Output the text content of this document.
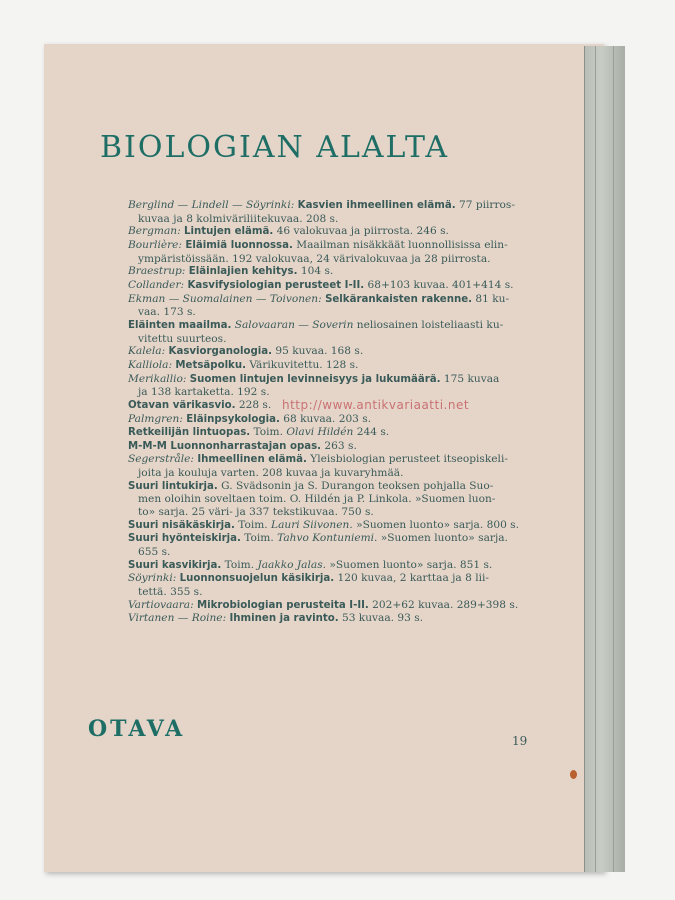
BIOLOGIAN ALALTA

Berglind — Lindell — Söyrinki: Kasvien ihmeellinen elämä. 77 piirros-
kuvaa ja 8 kolmiväriliitekuvaa. 208 s.

Bergman: Lintujen elämä. 46 valokuvaa ja piirrosta. 246 s.

Bourlière: Eläimiä luonnossa. Maailman nisäkkäät luonnollisissa elin-
ympäristöissään. 192 valokuvaa, 24 värivalokuvaa ja 28 piirrosta.

Braestrup: Eläinlajien kehitys. 104 s.

Collander: Kasvifysiologian perusteet I-II. 68+103 kuvaa. 401+414 s.

Ekman — Suomalainen — Toivonen: Selkärankaisten rakenne. 81 ku-
vaa. 173 s.

Eläinten maailma. Salovaaran — Soverin neliosainen loisteliaasti ku-
vitettu suurteos.

Kalela: Kasviorganologia. 95 kuvaa. 168 s.

Kalliola: Metsäpolku. Värikuvitettu. 128 s.

Merikallio: Suomen lintujen levinneisyys ja lukumäärä. 175 kuvaa
ja 138 kartaketta. 192 s.

Otavan värikasvio. 228 s.

Palmgren: Eläinpsykologia. 68 kuvaa. 203 s.

Retkeilijän lintuopas. Toim. Olavi Hildén 244 s.

M-M-M Luonnonharrastajan opas. 263 s.

Segerstråle: Ihmeellinen elämä. Yleisbiologian perusteet itseopiskeli-
joita ja kouluja varten. 208 kuvaa ja kuvaryhmää.

Suuri lintukirja. G. Svädsonin ja S. Durangon teoksen pohjalla Suo-
men oloihin soveltaen toim. O. Hildén ja P. Linkola. »Suomen luon-
to» sarja. 25 väri- ja 337 tekstikuvaa. 750 s.

Suuri nisäkäskirja. Toim. Lauri Siivonen. »Suomen luonto» sarja. 800 s.

Suuri hyönteiskirja. Toim. Tahvo Kontuniemi. »Suomen luonto» sarja.
655 s.

Suuri kasvikirja. Toim. Jaakko Jalas. »Suomen luonto» sarja. 851 s.

Söyrinki: Luonnonsuojelun käsikirja. 120 kuvaa, 2 karttaa ja 8 lii-
tettä. 355 s.

Vartiovaara: Mikrobiologian perusteita I-II. 202+62 kuvaa. 289+398 s.

Virtanen — Roine: Ihminen ja ravinto. 53 kuvaa. 93 s.

http://www.antikvariaatti.net
OTAVA	19
